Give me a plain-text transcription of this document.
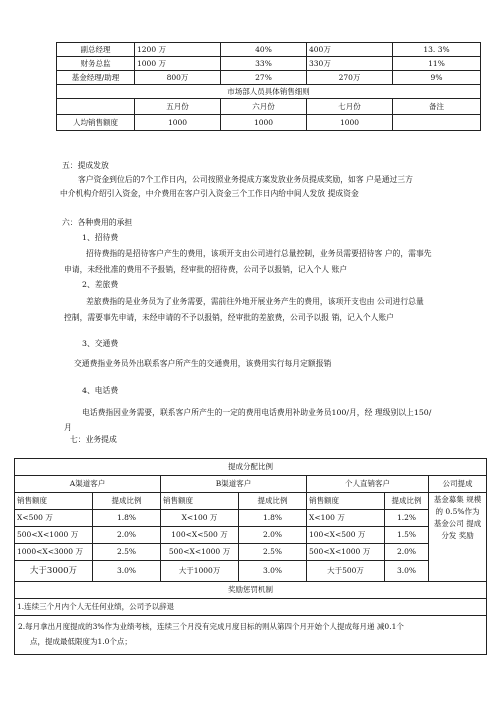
副总经理	1200 万	40%	400万	13. 3%
财务总监	1000 万	33%	330万	11%
基金经理/助理	800万	27%	270万	9%
市场部人员具体销售细则				
	五月份	六月份	七月份	备注
人均销售额度	1000	1000	1000	
五：提成发放
客户资金到位后的7个工作日内，公司按照业务提成方案发放业务员提成奖励，如客 户是通过三方
中介机构介绍引入资金，中介费用在客户引入资金三个工作日内给中间人发放 提成资金
六：各种费用的承担
1、招待费
招待费指的是招待客户产生的费用，该项开支由公司进行总量控制，业务员需要招待客 户的，需事先
申请，未经批准的费用不予报销，经审批的招待费，公司予以报销，记入个人 账户
2、差旅费
差旅费指的是业务员为了业务需要，需前往外地开展业务产生的费用，该项开支也由 公司进行总量
控制，需要事先申请，未经申请的不予以报销，经审批的差旅费，公司予以报 销，记入个人账户
3、交通费
交通费指业务员外出联系客户所产生的交通费用，该费用实行每月定额报销
4、电话费
电话费指因业务需要，联系客户所产生的一定的费用电话费用补助业务员100/月，经 理级别以上150/
月
七：业务提成
提成分配比例						
A渠道客户		B渠道客户		个人直销客户		公司提成
销售额度	提成比例	销售额度	提成比例	销售额度	提成比例	基金募集 规模的 0.5%作为 基金公司 提成分发 奖励
X<500 万	1.8%	X<100 万	1.8%	X<100 万	1.2%	
500<X<1000 万	2.0%	100<X<500 万	2.0%	100<X<500 万	1.5%	
1000<X<3000 万	2.5%	500<X<1000 万	2.5%	500<X<1000 万	2.0%	
大于3000万	3.0%	大于1000万	3.0%	大于500万	3.0%	
奖励惩罚机制						
1.连续三个月内个人无任何业绩，公司予以辞退						

2.每月拿出月度提成的3%作为业绩考核，连续三个月没有完成月度目标的则从第四个月开始个人提成每月递 减0.1个
点，提成最低限度为1.0个点；						
